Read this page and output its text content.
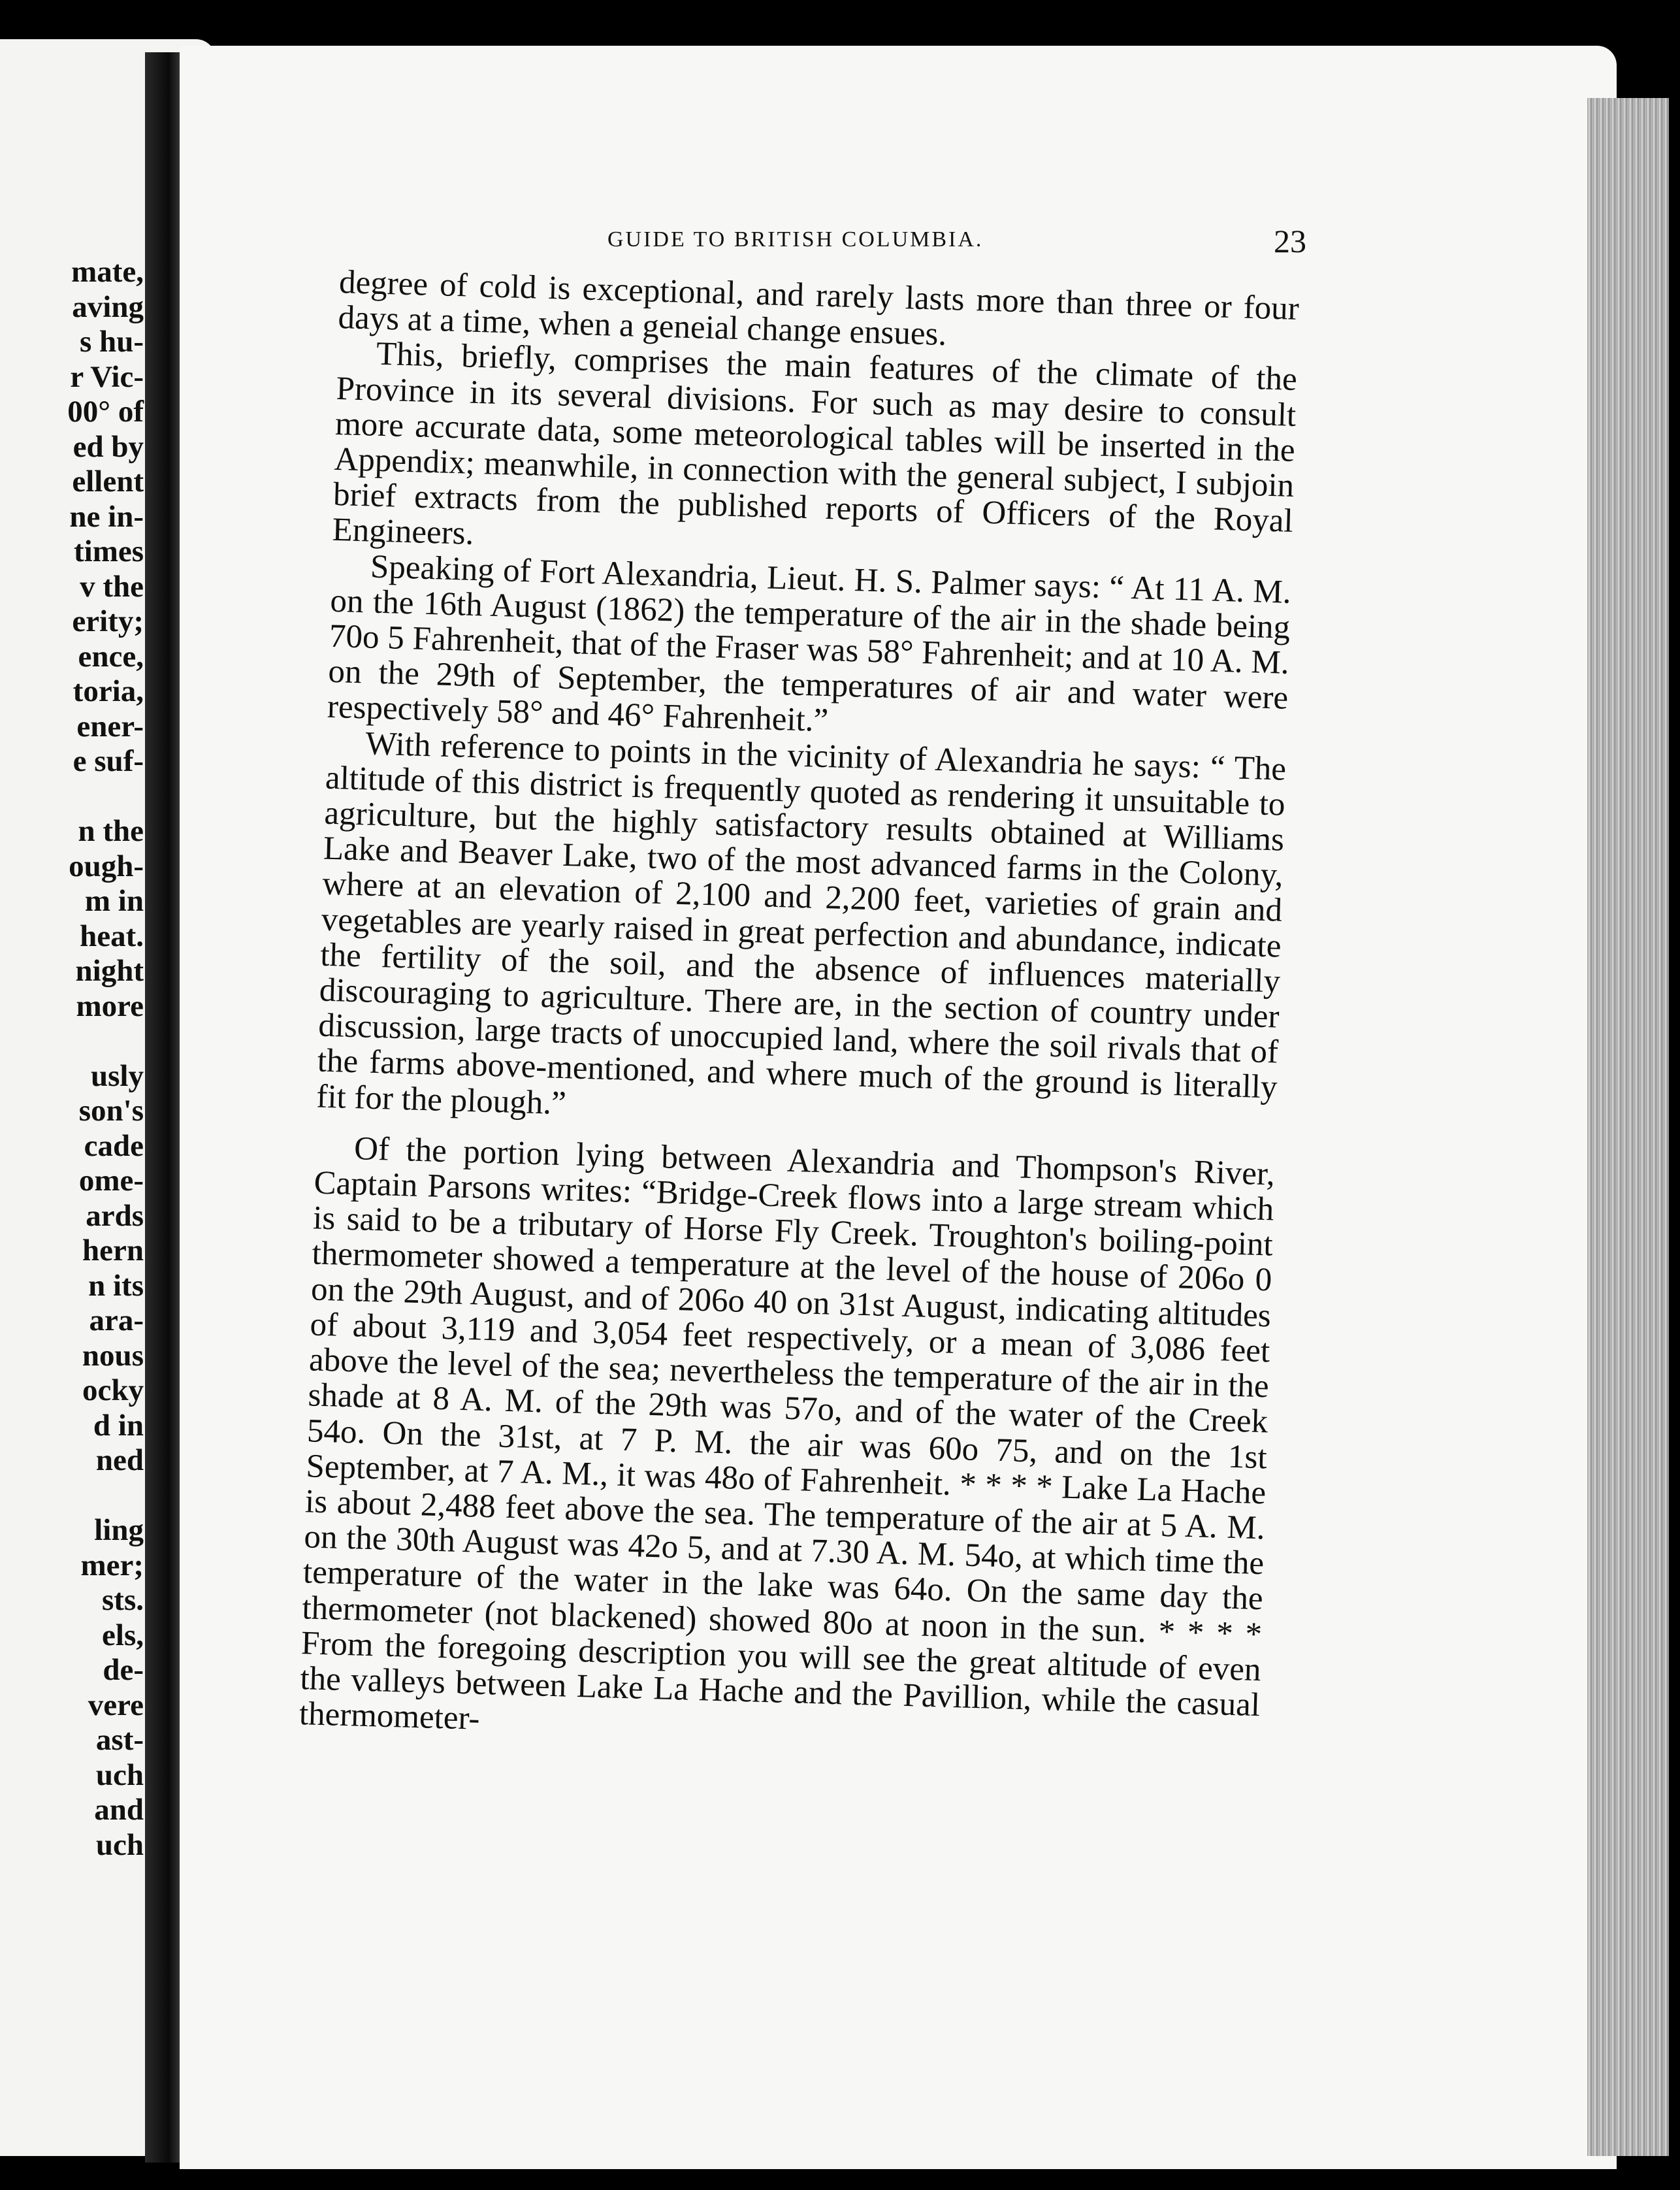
mate,
aving
s hu-
r Vic-
00° of
ed by
ellent
ne in-
times
v the
erity;
ence,
toria,
ener-
e suf-

n the
ough-
m in
heat.
night
more

usly
son's
cade
ome-
ards
hern
n its
ara-
nous
ocky
d in
ned

ling
mer;
sts.
els,
de-
vere
ast-
uch
and
uch
GUIDE TO BRITISH COLUMBIA.	23

degree of cold is exceptional, and rarely lasts more than three or four days at a time, when a geneial change ensues.

This, briefly, comprises the main features of the climate of the Province in its several divisions. For such as may desire to consult more accurate data, some meteorological tables will be inserted in the Appendix; meanwhile, in connection with the general subject, I subjoin brief extracts from the published reports of Officers of the Royal Engineers.

Speaking of Fort Alexandria, Lieut. H. S. Palmer says: “ At 11 A. M. on the 16th August (1862) the temperature of the air in the shade being 70o 5 Fahrenheit, that of the Fraser was 58° Fahrenheit; and at 10 A. M. on the 29th of September, the temperatures of air and water were respectively 58° and 46° Fahrenheit.”

With reference to points in the vicinity of Alexandria he says: “ The altitude of this district is frequently quoted as rendering it unsuitable to agriculture, but the highly satisfactory results obtained at Williams Lake and Beaver Lake, two of the most advanced farms in the Colony, where at an elevation of 2,100 and 2,200 feet, varieties of grain and vegetables are yearly raised in great perfection and abundance, indicate the fertility of the soil, and the absence of influences materially discouraging to agriculture. There are, in the section of country under discussion, large tracts of unoccupied land, where the soil rivals that of the farms above-mentioned, and where much of the ground is literally fit for the plough.”

Of the portion lying between Alexandria and Thompson's River, Captain Parsons writes: “Bridge-Creek flows into a large stream which is said to be a tributary of Horse Fly Creek. Troughton's boiling-point thermometer showed a temperature at the level of the house of 206o 0 on the 29th August, and of 206o 40 on 31st August, indicating altitudes of about 3,119 and 3,054 feet respectively, or a mean of 3,086 feet above the level of the sea; nevertheless the temperature of the air in the shade at 8 A. M. of the 29th was 57o, and of the water of the Creek 54o. On the 31st, at 7 P. M. the air was 60o 75, and on the 1st September, at 7 A. M., it was 48o of Fahrenheit. * * * * Lake La Hache is about 2,488 feet above the sea. The temperature of the air at 5 A. M. on the 30th August was 42o 5, and at 7.30 A. M. 54o, at which time the temperature of the water in the lake was 64o. On the same day the thermometer (not blackened) showed 80o at noon in the sun. * * * * From the foregoing description you will see the great altitude of even the valleys between Lake La Hache and the Pavillion, while the casual thermometer-
